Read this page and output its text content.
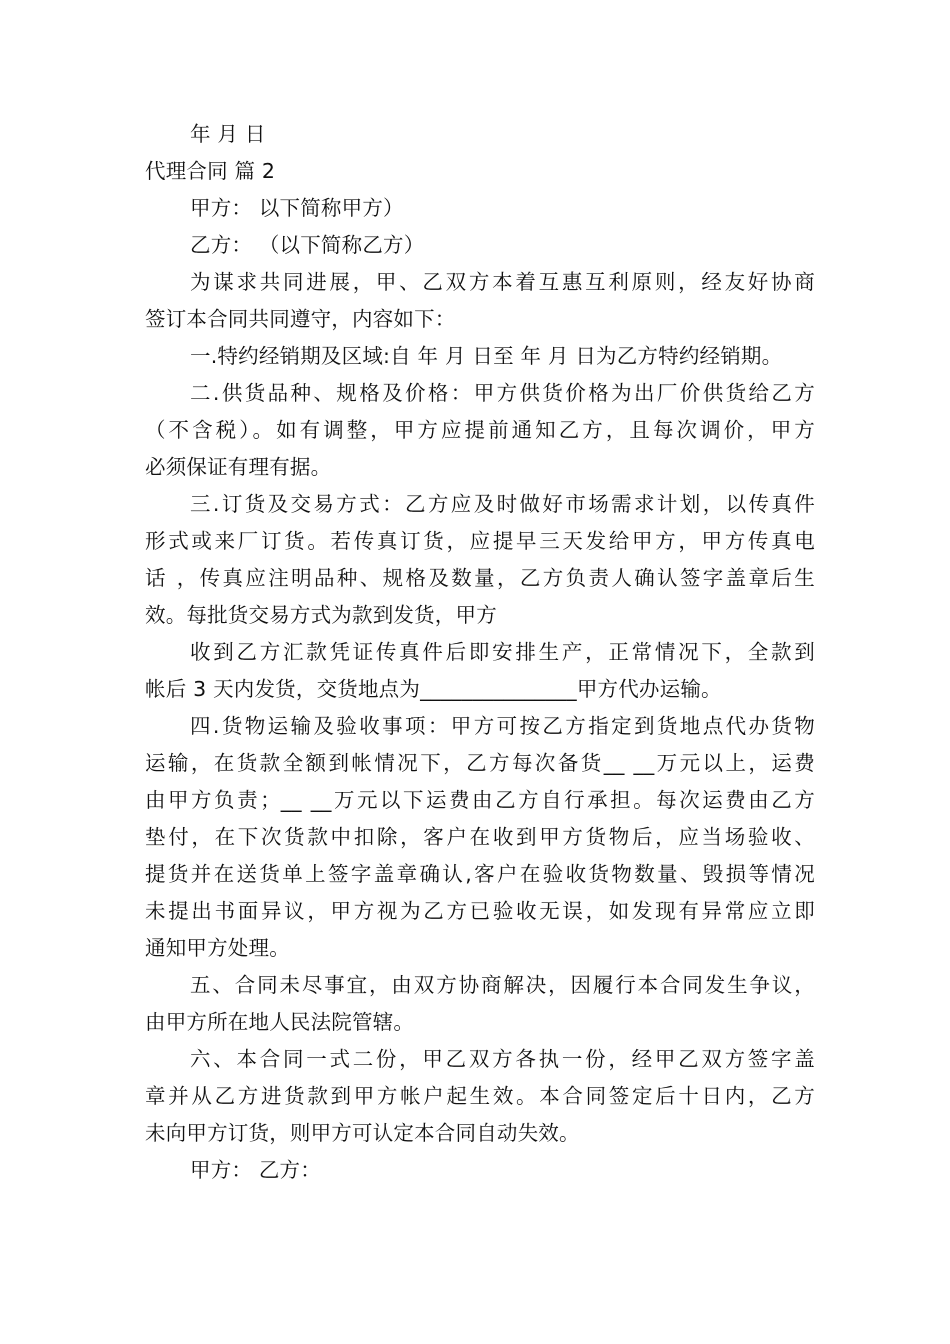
年 月 日
代理合同 篇 2
甲方： 以下简称甲方）
乙方： （以下简称乙方）
为谋求共同进展，甲、乙双方本着互惠互利原则，经友好协商
签订本合同共同遵守，内容如下：
一.特约经销期及区域:自 年 月 日至 年 月 日为乙方特约经销期。
二.供货品种、规格及价格：甲方供货价格为出厂价供货给乙方
（不含税）。如有调整，甲方应提前通知乙方，且每次调价，甲方
必须保证有理有据。
三.订货及交易方式：乙方应及时做好市场需求计划，以传真件
形式或来厂订货。若传真订货，应提早三天发给甲方，甲方传真电
话 ，传真应注明品种、规格及数量，乙方负责人确认签字盖章后生
效。每批货交易方式为款到发货，甲方
收到乙方汇款凭证传真件后即安排生产，正常情况下，全款到
帐后 3 天内发货，交货地点为_______________甲方代办运输。
四.货物运输及验收事项：甲方可按乙方指定到货地点代办货物
运输，在货款全额到帐情况下，乙方每次备货__ __万元以上，运费
由甲方负责；__ __万元以下运费由乙方自行承担。每次运费由乙方
垫付，在下次货款中扣除，客户在收到甲方货物后，应当场验收、
提货并在送货单上签字盖章确认,客户在验收货物数量、毁损等情况
未提出书面异议，甲方视为乙方已验收无误，如发现有异常应立即
通知甲方处理。
五、合同未尽事宜，由双方协商解决，因履行本合同发生争议，
由甲方所在地人民法院管辖。
六、本合同一式二份，甲乙双方各执一份，经甲乙双方签字盖
章并从乙方进货款到甲方帐户起生效。本合同签定后十日内，乙方
未向甲方订货，则甲方可认定本合同自动失效。
甲方： 乙方：
